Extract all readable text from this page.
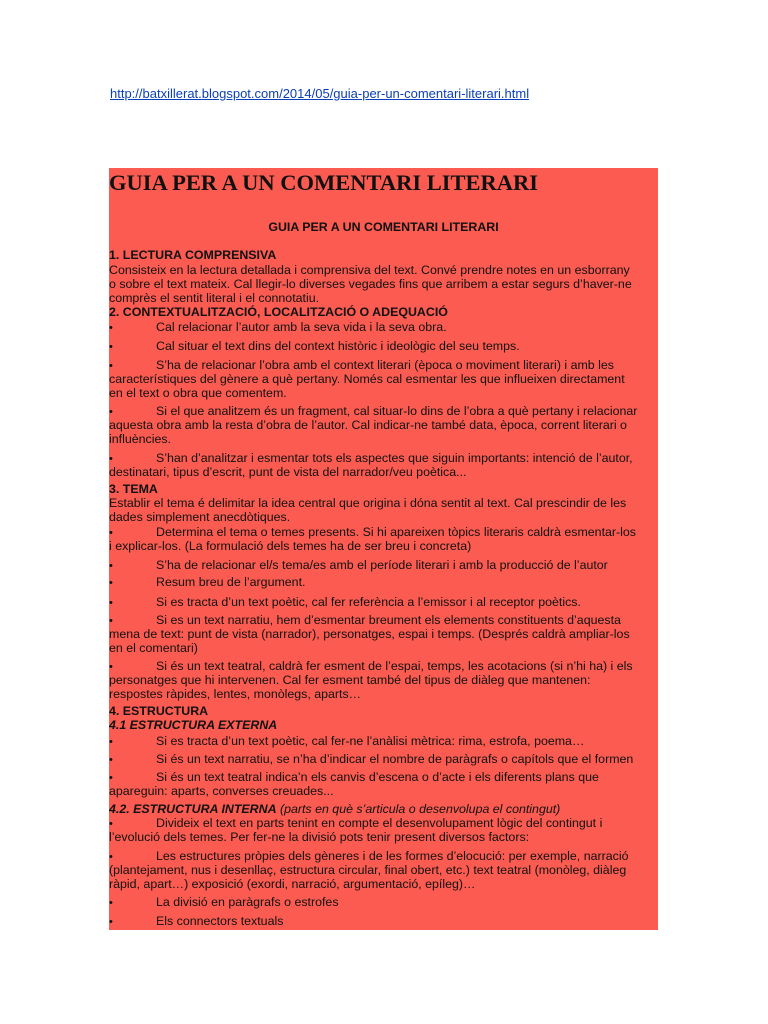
http://batxillerat.blogspot.com/2014/05/guia-per-un-comentari-literari.html
GUIA PER A UN COMENTARI LITERARI
GUIA PER A UN COMENTARI LITERARI
1. LECTURA COMPRENSIVA
Consisteix en la lectura detallada i comprensiva del text. Convé prendre notes en un esborrany
o sobre el text mateix. Cal llegir-lo diverses vegades fins que arribem a estar segurs d’haver-ne
comprès el sentit literal i el connotatiu.
2. CONTEXTUALITZACIÓ, LOCALITZACIÓ O ADEQUACIÓ
•	Cal relacionar l’autor amb la seva vida i la seva obra.
•	Cal situar el text dins del context històric i ideològic del seu temps.
•	S’ha de relacionar l’obra amb el context literari (època o moviment literari) i amb les
característiques del gènere a què pertany. Només cal esmentar les que influeixen directament
en el text o obra que comentem.
•	Si el que analitzem és un fragment, cal situar-lo dins de l’obra a què pertany i relacionar
aquesta obra amb la resta d’obra de l’autor. Cal indicar-ne també data, època, corrent literari o
influències.
•	S’han d’analitzar i esmentar tots els aspectes que siguin importants: intenció de l’autor,
destinatari, tipus d’escrit, punt de vista del narrador/veu poètica...
3. TEMA
Establir el tema é delimitar la idea central que origina i dóna sentit al text. Cal prescindir de les
dades simplement anecdòtiques.
•	Determina el tema o temes presents. Si hi apareixen tòpics literaris caldrà esmentar-los
i explicar-los. (La formulació dels temes ha de ser breu i concreta)
•	S’ha de relacionar el/s tema/es amb el període literari i amb la producció de l’autor
•	Resum breu de l’argument.
•	Si es tracta d’un text poètic, cal fer referència a l’emissor i al receptor poètics.
•	Si es un text narratiu, hem d’esmentar breument els elements constituents d’aquesta
mena de text: punt de vista (narrador), personatges, espai i temps. (Després caldrà ampliar-los
en el comentari)
•	Si és un text teatral, caldrà fer esment de l’espai, temps, les acotacions (si n’hi ha) i els
personatges que hi intervenen. Cal fer esment també del tipus de diàleg que mantenen:
respostes ràpides, lentes, monòlegs, aparts…
4. ESTRUCTURA
4.1 ESTRUCTURA EXTERNA
•	Si es tracta d’un text poètic, cal fer-ne l’anàlisi mètrica: rima, estrofa, poema…
•	Si és un text narratiu, se n’ha d’indicar el nombre de paràgrafs o capítols que el formen
•	Si és un text teatral indica’n els canvis d’escena o d’acte i els diferents plans que
apareguin: aparts, converses creuades...
4.2. ESTRUCTURA INTERNA (parts en què s’articula o desenvolupa el contingut)
•	Divideix el text en parts tenint en compte el desenvolupament lògic del contingut i
l’evolució dels temes. Per fer-ne la divisió pots tenir present diversos factors:
•	Les estructures pròpies dels gèneres i de les formes d’elocució: per exemple, narració
(plantejament, nus i desenllaç, estructura circular, final obert, etc.) text teatral (monòleg, diàleg
ràpid, apart…) exposició (exordi, narració, argumentació, epíleg)…
•	La divisió en paràgrafs o estrofes
•	Els connectors textuals
